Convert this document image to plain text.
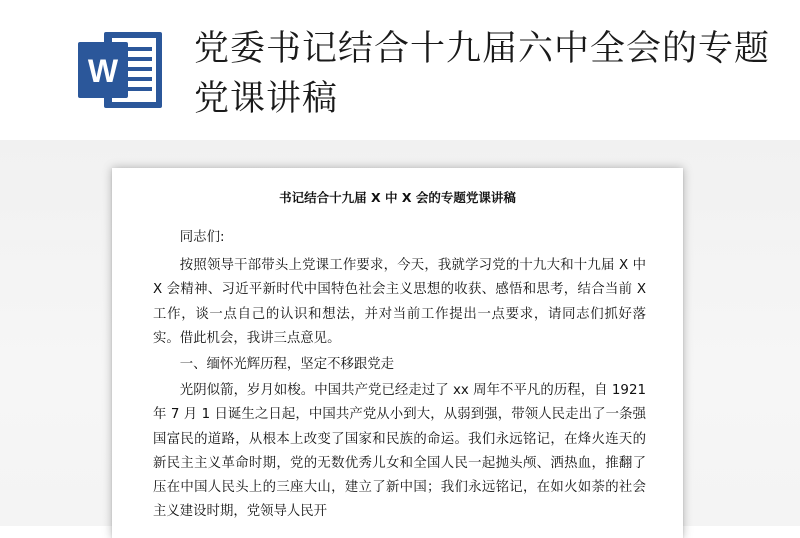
W
党委书记结合十九届六中全会的专题党课讲稿
书记结合十九届 X 中 X 会的专题党课讲稿

同志们:

按照领导干部带头上党课工作要求，今天，我就学习党的十九大和十九届 X 中 X 会精神、习近平新时代中国特色社会主义思想的收获、感悟和思考，结合当前 X 工作，谈一点自己的认识和想法，并对当前工作提出一点要求，请同志们抓好落实。借此机会，我讲三点意见。

一、缅怀光辉历程，坚定不移跟党走

光阴似箭，岁月如梭。中国共产党已经走过了 xx 周年不平凡的历程，自 1921 年 7 月 1 日诞生之日起，中国共产党从小到大，从弱到强，带领人民走出了一条强国富民的道路，从根本上改变了国家和民族的命运。我们永远铭记，在烽火连天的新民主主义革命时期，党的无数优秀儿女和全国人民一起抛头颅、洒热血，推翻了压在中国人民头上的三座大山，建立了新中国；我们永远铭记，在如火如荼的社会主义建设时期，党领导人民开
